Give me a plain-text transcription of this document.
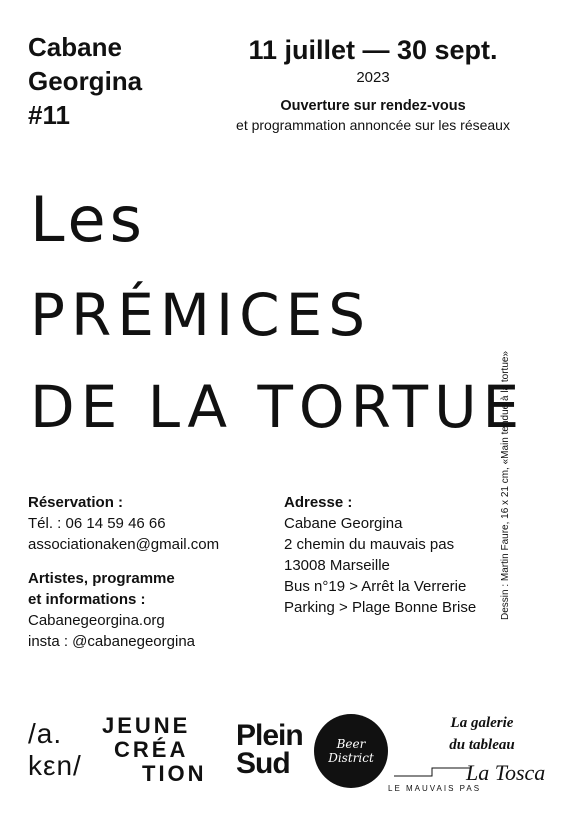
Cabane
Georgina
#11
11 juillet — 30 sept.
2023
Ouverture sur rendez-vous
et programmation annoncée sur les réseaux
Les
PRÉMICES
DE LA TORTUE
Dessin : Martin Faure, 16 x 21 cm, «Main tendue à la tortue»
Réservation :
Tél. : 06 14 59 46 66
associationaken@gmail.com
Artistes, programme
et informations :
Cabanegeorgina.org
insta : @cabanegeorgina
Adresse :
Cabane Georgina
2 chemin du mauvais pas
13008 Marseille
Bus n°19 > Arrêt la Verrerie
Parking > Plage Bonne Brise
/a.
kεn/
JEUNE
CRÉA
TION
Plein
Sud
Beer
District
La galerie
du tableau
La Tosca
LE MAUVAIS PAS
